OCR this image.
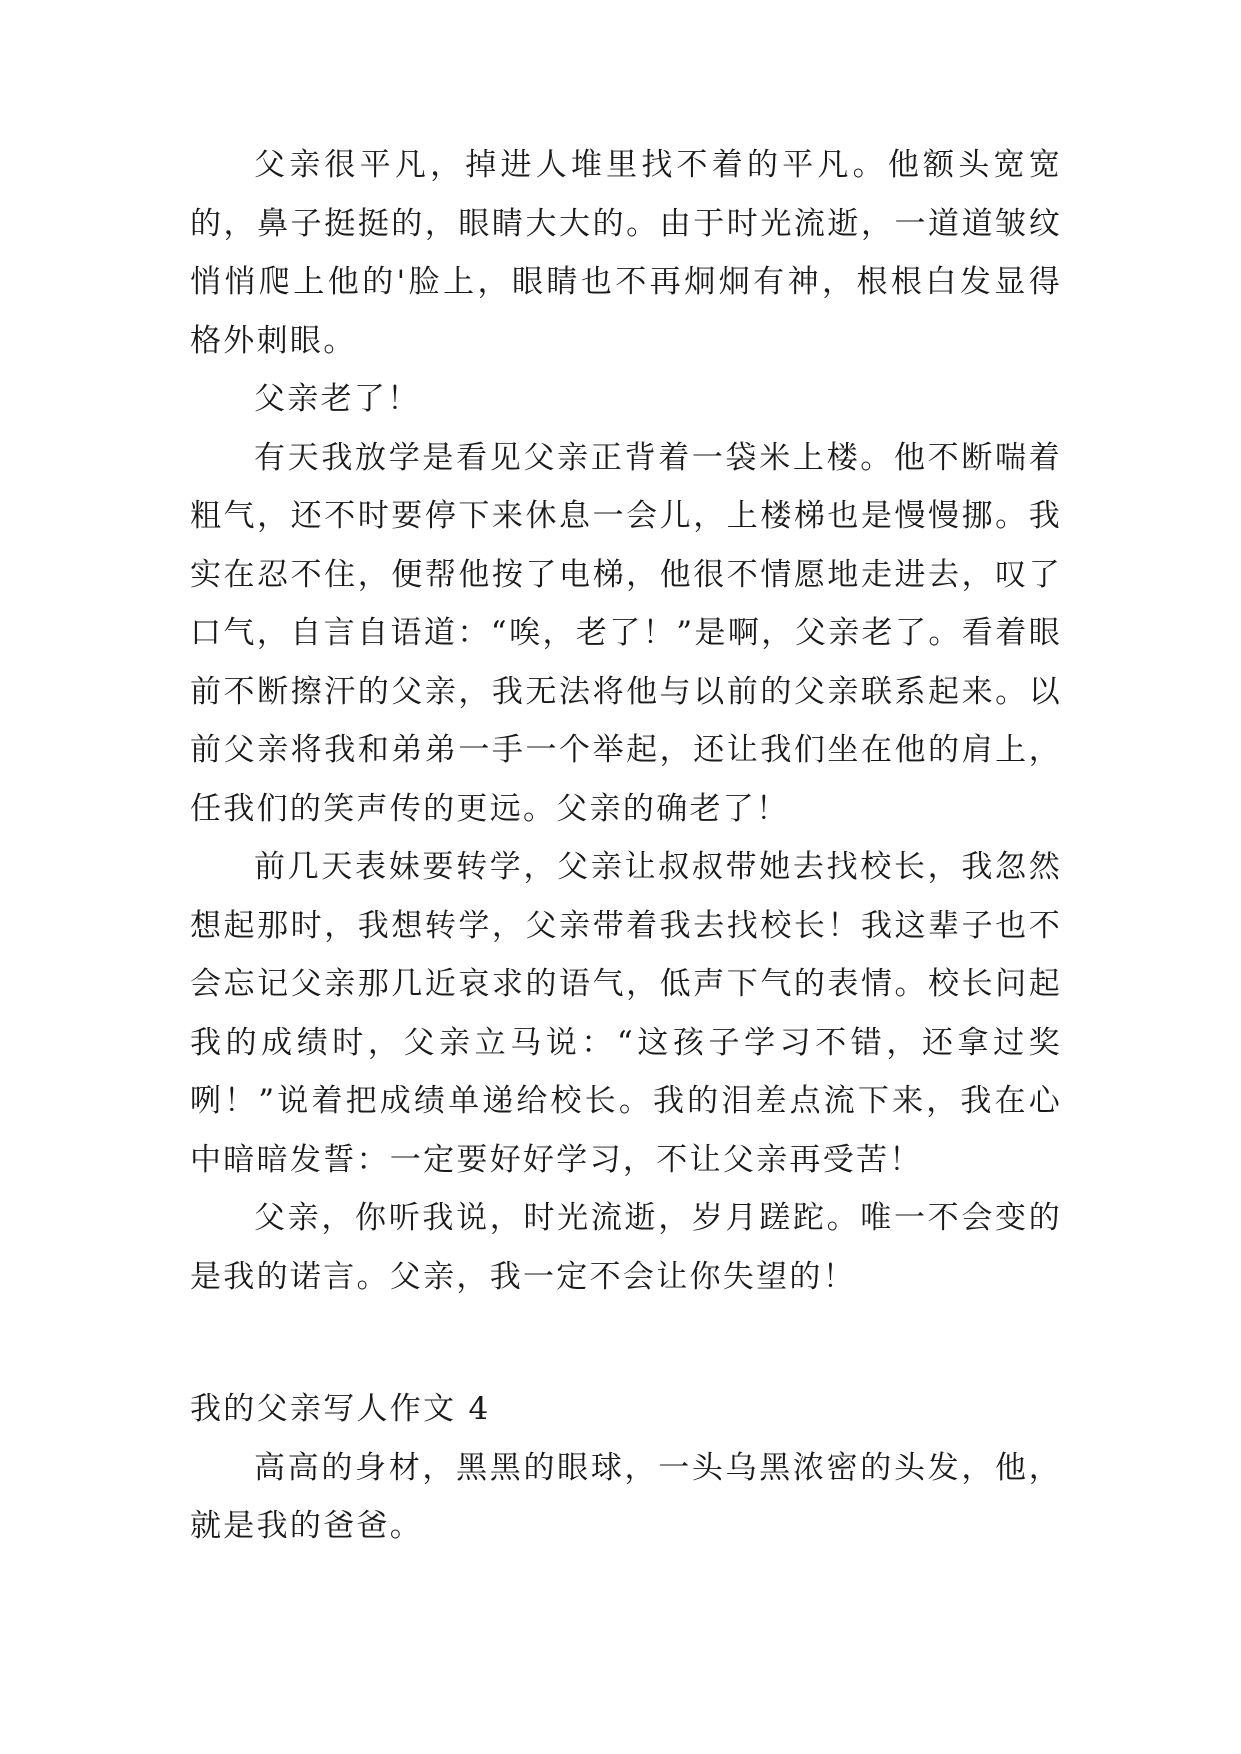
父亲很平凡，掉进人堆里找不着的平凡。他额头宽宽的，鼻子挺挺的，眼睛大大的。由于时光流逝，一道道皱纹悄悄爬上他的'脸上，眼睛也不再炯炯有神，根根白发显得格外刺眼。

父亲老了！

有天我放学是看见父亲正背着一袋米上楼。他不断喘着粗气，还不时要停下来休息一会儿，上楼梯也是慢慢挪。我实在忍不住，便帮他按了电梯，他很不情愿地走进去，叹了口气，自言自语道：“唉，老了！”是啊，父亲老了。看着眼前不断擦汗的父亲，我无法将他与以前的父亲联系起来。以前父亲将我和弟弟一手一个举起，还让我们坐在他的肩上，任我们的笑声传的更远。父亲的确老了！

前几天表妹要转学，父亲让叔叔带她去找校长，我忽然想起那时，我想转学，父亲带着我去找校长！我这辈子也不会忘记父亲那几近哀求的语气，低声下气的表情。校长问起我的成绩时，父亲立马说：“这孩子学习不错，还拿过奖咧！”说着把成绩单递给校长。我的泪差点流下来，我在心中暗暗发誓：一定要好好学习，不让父亲再受苦！

父亲，你听我说，时光流逝，岁月蹉跎。唯一不会变的是我的诺言。父亲，我一定不会让你失望的！

我的父亲写人作文 4

高高的身材，黑黑的眼球，一头乌黑浓密的头发，他，就是我的爸爸。
